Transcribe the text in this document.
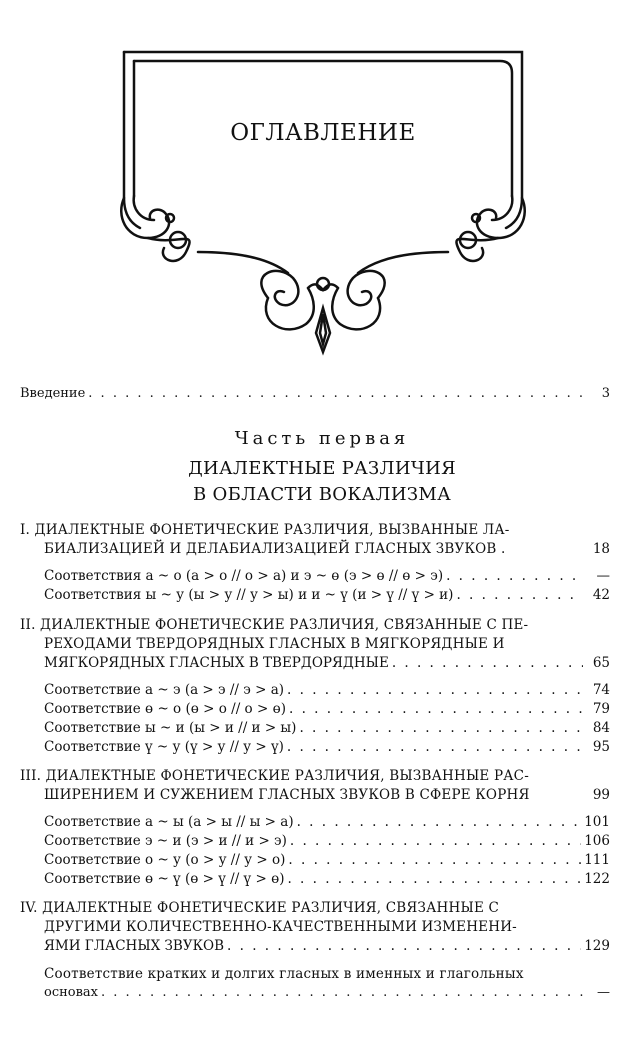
ОГЛАВЛЕНИЕ
Введение . . .	3
Часть первая
ДИАЛЕКТНЫЕ РАЗЛИЧИЯ
В ОБЛАСТИ ВОКАЛИЗМА
I. ДИАЛЕКТНЫЕ ФОНЕТИЧЕСКИЕ РАЗЛИЧИЯ, ВЫЗВАННЫЕ ЛА-
БИАЛИЗАЦИЕЙ И ДЕЛАБИАЛИЗАЦИЕЙ ГЛАСНЫХ ЗВУКОВ .	18
Соответствия а ~ о (а > о // о > а) и э ~ ө (э > ө // ө > э) . . .	—
Соответствия ы ~ у (ы > у // у > ы) и и ~ ү (и > ү // ү > и) . . .	42
II. ДИАЛЕКТНЫЕ ФОНЕТИЧЕСКИЕ РАЗЛИЧИЯ, СВЯЗАННЫЕ С ПЕ-
РЕХОДАМИ ТВЕРДОРЯДНЫХ ГЛАСНЫХ В МЯГКОРЯДНЫЕ И
МЯГКОРЯДНЫХ ГЛАСНЫХ В ТВЕРДОРЯДНЫЕ . . .	65
Соответствие а ~ э (а > э // э > а) . . .	74
Соответствие ө ~ о (ө > о // о > ө) . . .	79
Соответствие ы ~ и (ы > и // и > ы) . . .	84
Соответствие ү ~ у (ү > у // у > ү) . . .	95
III. ДИАЛЕКТНЫЕ ФОНЕТИЧЕСКИЕ РАЗЛИЧИЯ, ВЫЗВАННЫЕ РАС-
ШИРЕНИЕМ И СУЖЕНИЕМ ГЛАСНЫХ ЗВУКОВ В СФЕРЕ КОРНЯ	99
Соответствие а ~ ы (а > ы // ы > а) . . .	101
Соответствие э ~ и (э > и // и > э) . . .	106
Соответствие о ~ у (о > у // у > о) . . .	111
Соответствие ө ~ ү (ө > ү // ү > ө) . . .	122
IV. ДИАЛЕКТНЫЕ ФОНЕТИЧЕСКИЕ РАЗЛИЧИЯ, СВЯЗАННЫЕ С
ДРУГИМИ КОЛИЧЕСТВЕННО-КАЧЕСТВЕННЫМИ ИЗМЕНЕНИ-
ЯМИ ГЛАСНЫХ ЗВУКОВ . . .	129
Соответствие кратких и долгих гласных в именных и глагольных
основах . . .	—
